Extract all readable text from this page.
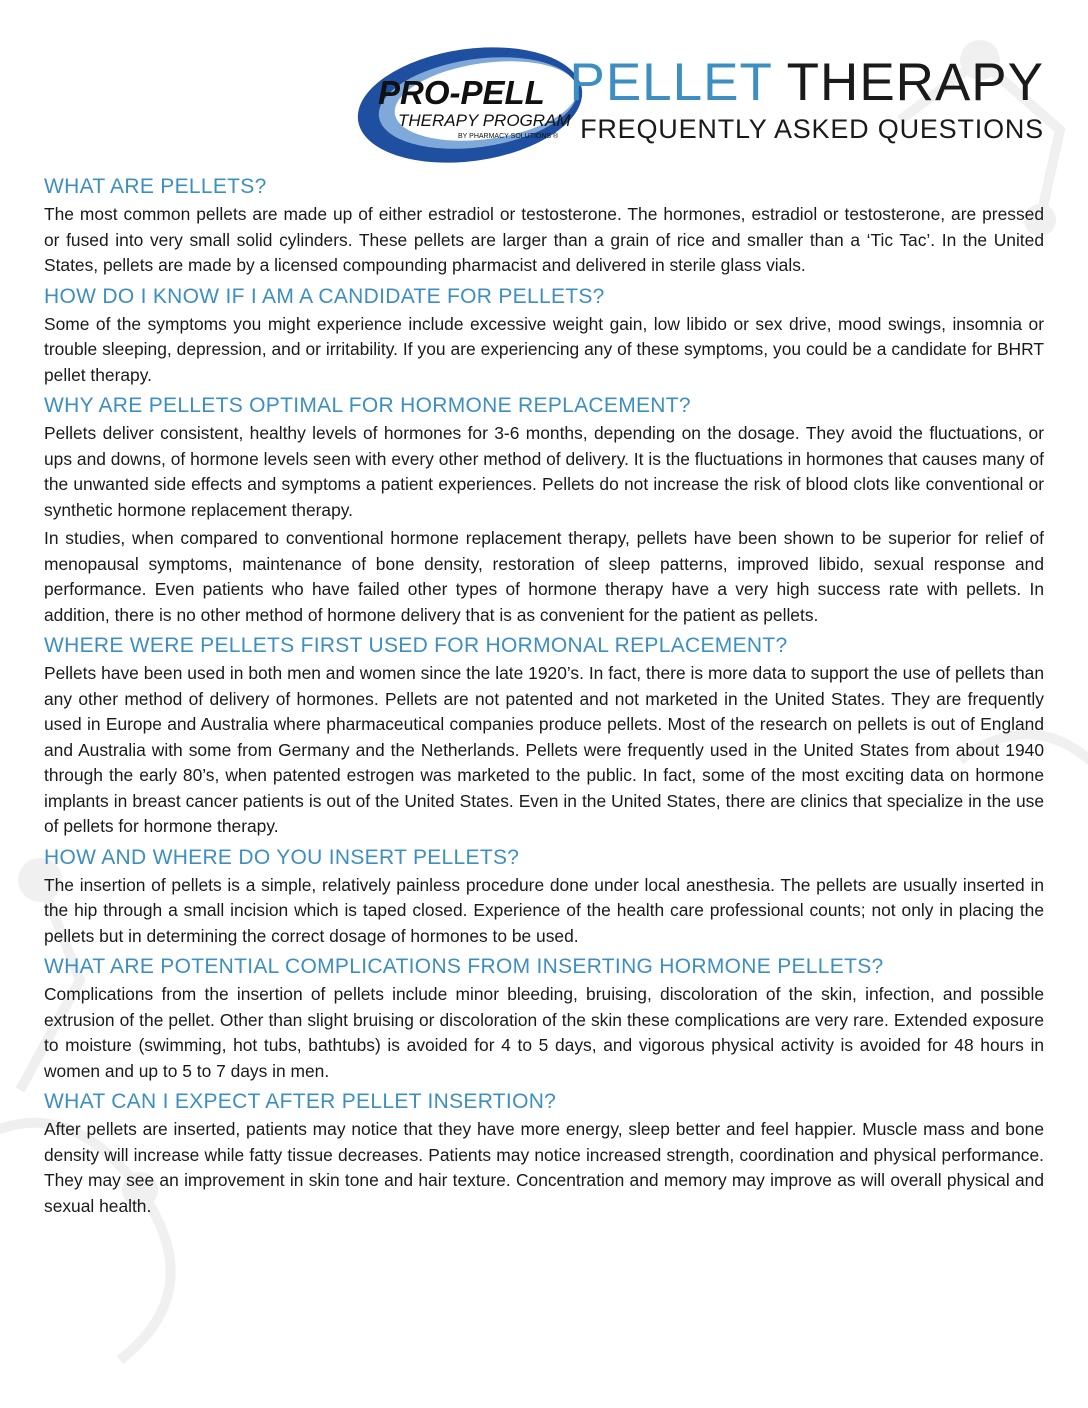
PRO-PELL
THERAPY PROGRAM
BY PHARMACY SOLUTIONS ®
PELLET THERAPY
FREQUENTLY ASKED QUESTIONS
WHAT ARE PELLETS?

The most common pellets are made up of either estradiol or testosterone. The hormones, estradiol or testosterone, are pressed or fused into very small solid cylinders. These pellets are larger than a grain of rice and smaller than a ‘Tic Tac’. In the United States, pellets are made by a licensed compounding pharmacist and delivered in sterile glass vials.

HOW DO I KNOW IF I AM A CANDIDATE FOR PELLETS?

Some of the symptoms you might experience include excessive weight gain, low libido or sex drive, mood swings, insomnia or trouble sleeping, depression, and or irritability. If you are experiencing any of these symptoms, you could be a candidate for BHRT pellet therapy.

WHY ARE PELLETS OPTIMAL FOR HORMONE REPLACEMENT?

Pellets deliver consistent, healthy levels of hormones for 3-6 months, depending on the dosage. They avoid the fluctuations, or ups and downs, of hormone levels seen with every other method of delivery. It is the fluctuations in hormones that causes many of the unwanted side effects and symptoms a patient experiences. Pellets do not increase the risk of blood clots like conventional or synthetic hormone replacement therapy.

In studies, when compared to conventional hormone replacement therapy, pellets have been shown to be superior for relief of menopausal symptoms, maintenance of bone density, restoration of sleep patterns, improved libido, sexual response and performance. Even patients who have failed other types of hormone therapy have a very high success rate with pellets. In addition, there is no other method of hormone delivery that is as convenient for the patient as pellets.

WHERE WERE PELLETS FIRST USED FOR HORMONAL REPLACEMENT?

Pellets have been used in both men and women since the late 1920’s. In fact, there is more data to support the use of pellets than any other method of delivery of hormones. Pellets are not patented and not marketed in the United States. They are frequently used in Europe and Australia where pharmaceutical companies produce pellets. Most of the research on pellets is out of England and Australia with some from Germany and the Netherlands. Pellets were frequently used in the United States from about 1940 through the early 80’s, when patented estrogen was marketed to the public. In fact, some of the most exciting data on hormone implants in breast cancer patients is out of the United States. Even in the United States, there are clinics that specialize in the use of pellets for hormone therapy.

HOW AND WHERE DO YOU INSERT PELLETS?

The insertion of pellets is a simple, relatively painless procedure done under local anesthesia. The pellets are usually inserted in the hip through a small incision which is taped closed. Experience of the health care professional counts; not only in placing the pellets but in determining the correct dosage of hormones to be used.

WHAT ARE POTENTIAL COMPLICATIONS FROM INSERTING HORMONE PELLETS?

Complications from the insertion of pellets include minor bleeding, bruising, discoloration of the skin, infection, and possible extrusion of the pellet. Other than slight bruising or discoloration of the skin these complications are very rare. Extended exposure to moisture (swimming, hot tubs, bathtubs) is avoided for 4 to 5 days, and vigorous physical activity is avoided for 48 hours in women and up to 5 to 7 days in men.

WHAT CAN I EXPECT AFTER PELLET INSERTION?

After pellets are inserted, patients may notice that they have more energy, sleep better and feel happier. Muscle mass and bone density will increase while fatty tissue decreases. Patients may notice increased strength, coordination and physical performance. They may see an improvement in skin tone and hair texture. Concentration and memory may improve as will overall physical and sexual health.
